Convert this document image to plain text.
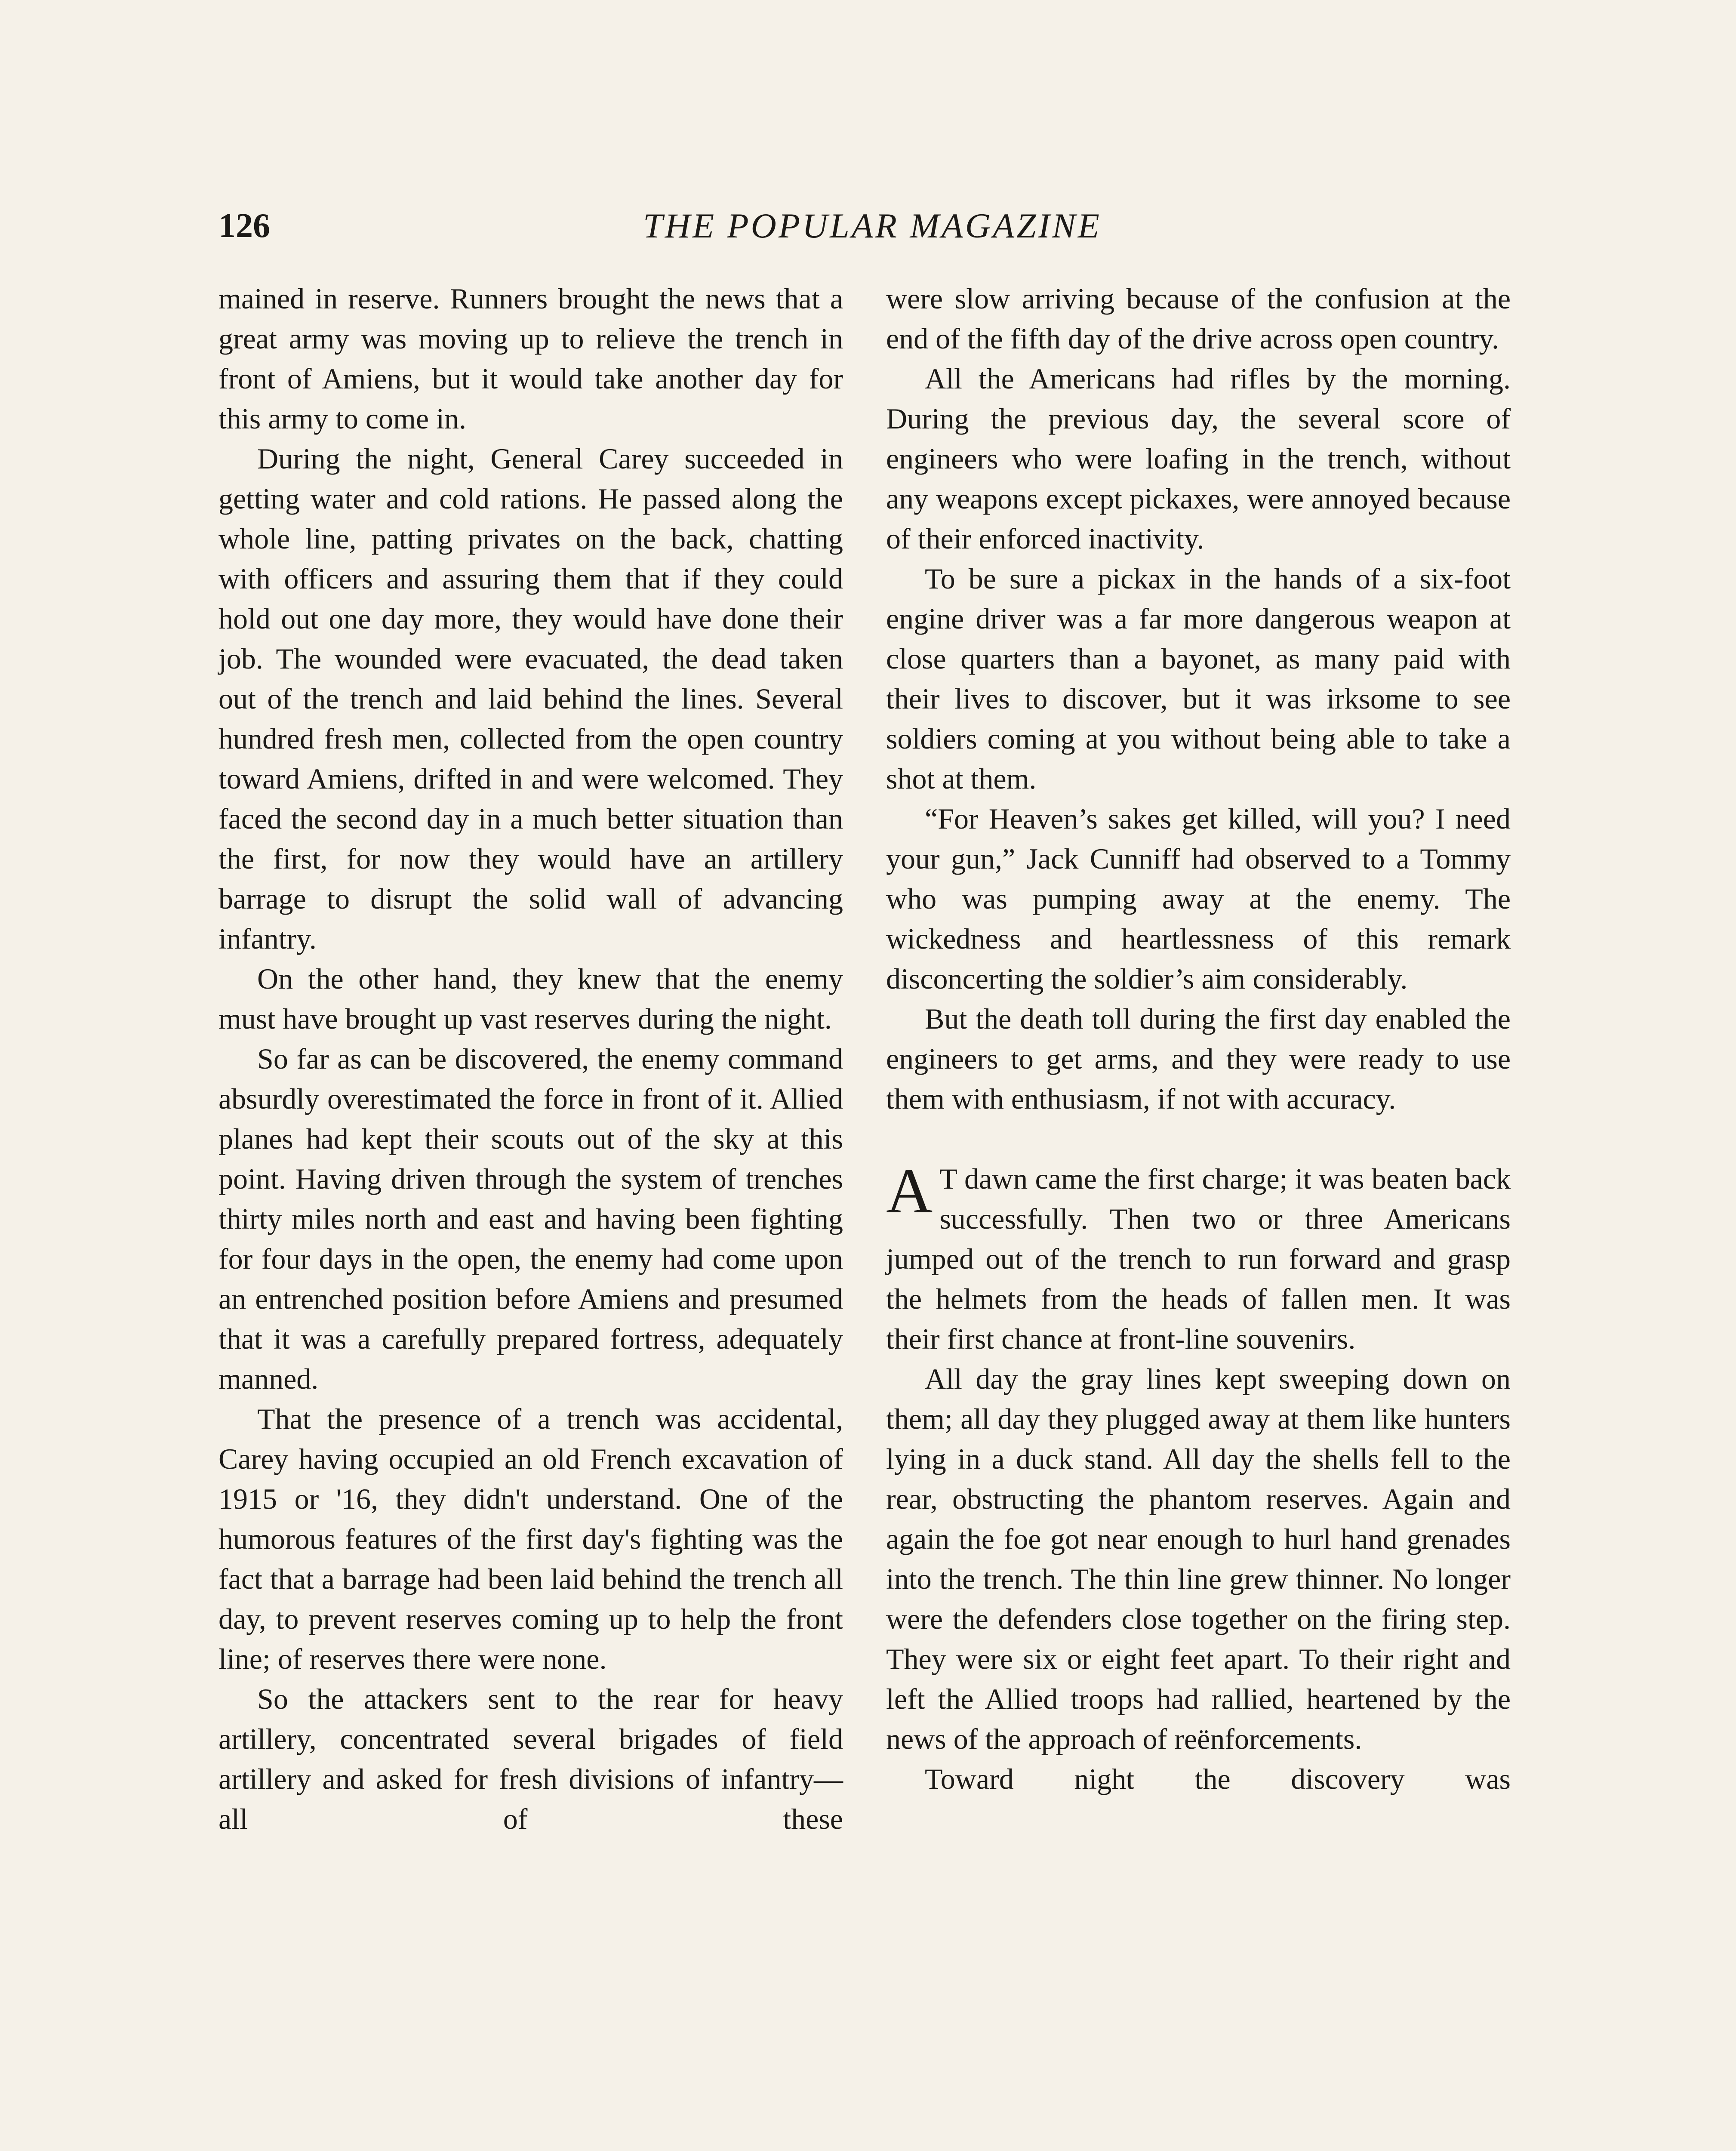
126	THE POPULAR MAGAZINE

mained in reserve. Runners brought the news that a great army was moving up to relieve the trench in front of Amiens, but it would take another day for this army to come in.

During the night, General Carey succeeded in getting water and cold rations. He passed along the whole line, patting privates on the back, chatting with officers and assuring them that if they could hold out one day more, they would have done their job. The wounded were evacuated, the dead taken out of the trench and laid behind the lines. Several hundred fresh men, collected from the open country toward Amiens, drifted in and were welcomed. They faced the second day in a much better situation than the first, for now they would have an artillery barrage to disrupt the solid wall of advancing infantry.

On the other hand, they knew that the enemy must have brought up vast reserves during the night.

So far as can be discovered, the enemy command absurdly overestimated the force in front of it. Allied planes had kept their scouts out of the sky at this point. Having driven through the system of trenches thirty miles north and east and having been fighting for four days in the open, the enemy had come upon an entrenched position before Amiens and presumed that it was a carefully prepared fortress, adequately manned.

That the presence of a trench was accidental, Carey having occupied an old French excavation of 1915 or '16, they didn't understand. One of the humorous features of the first day's fighting was the fact that a barrage had been laid behind the trench all day, to prevent reserves coming up to help the front line; of reserves there were none.

So the attackers sent to the rear for heavy artillery, concentrated several brigades of field artillery and asked for fresh divisions of infantry—all of these

were slow arriving because of the confusion at the end of the fifth day of the drive across open country.

All the Americans had rifles by the morning. During the previous day, the several score of engineers who were loafing in the trench, without any weapons except pickaxes, were annoyed because of their enforced inactivity.

To be sure a pickax in the hands of a six-foot engine driver was a far more dangerous weapon at close quarters than a bayonet, as many paid with their lives to discover, but it was irksome to see soldiers coming at you without being able to take a shot at them.

“For Heaven’s sakes get killed, will you? I need your gun,” Jack Cunniff had observed to a Tommy who was pumping away at the enemy. The wickedness and heartlessness of this remark disconcerting the soldier’s aim considerably.

But the death toll during the first day enabled the engineers to get arms, and they were ready to use them with enthusiasm, if not with accuracy.

A T dawn came the first charge; it was beaten back successfully. Then two or three Americans jumped out of the trench to run forward and grasp the helmets from the heads of fallen men. It was their first chance at front-line souvenirs.

All day the gray lines kept sweeping down on them; all day they plugged away at them like hunters lying in a duck stand. All day the shells fell to the rear, obstructing the phantom reserves. Again and again the foe got near enough to hurl hand grenades into the trench. The thin line grew thinner. No longer were the defenders close together on the firing step. They were six or eight feet apart. To their right and left the Allied troops had rallied, heartened by the news of the approach of reënforcements.

Toward night the discovery was
